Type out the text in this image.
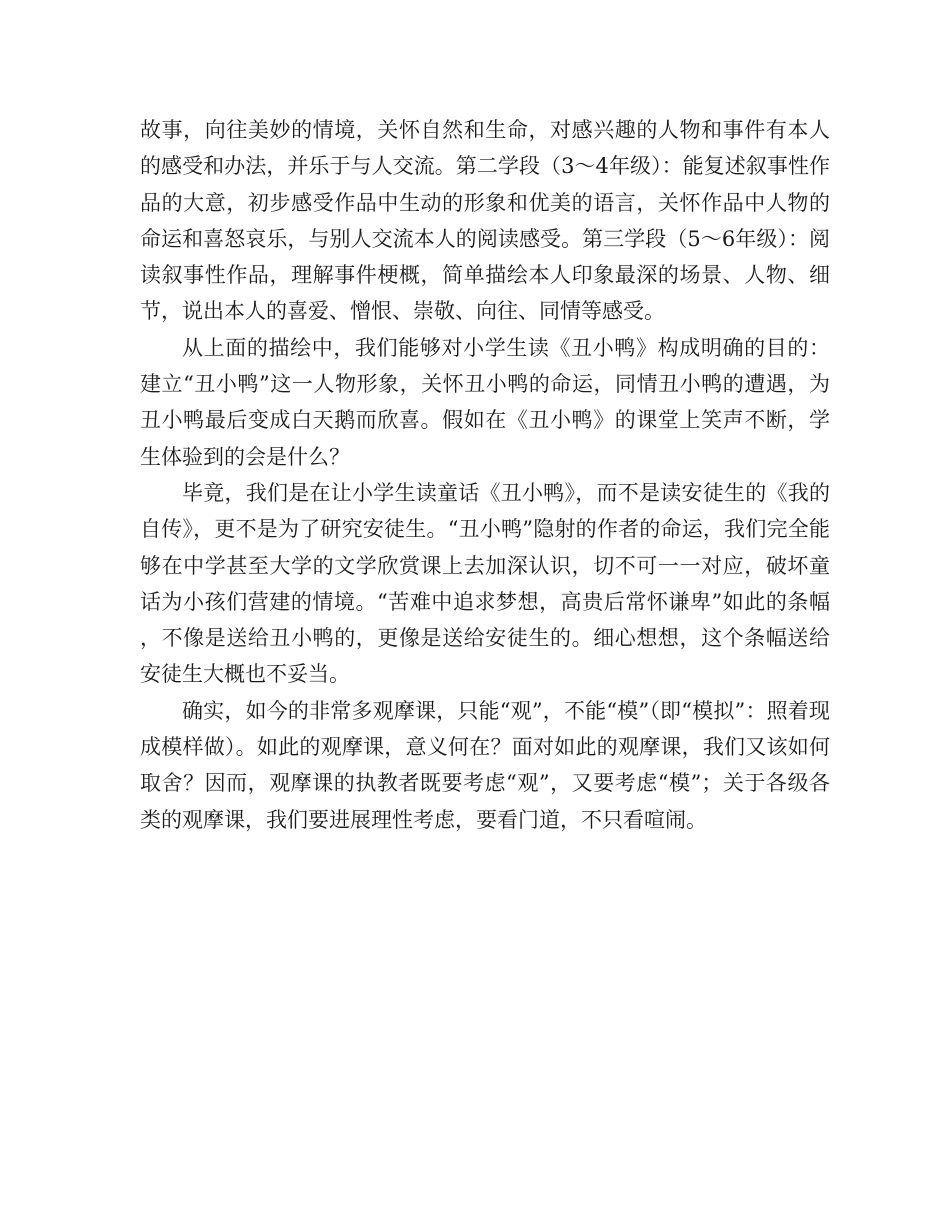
故事，向往美妙的情境，关怀自然和生命，对感兴趣的人物和事件有本人的感受和办法，并乐于与人交流。第二学段（3～4年级）：能复述叙事性作品的大意，初步感受作品中生动的形象和优美的语言，关怀作品中人物的命运和喜怒哀乐，与别人交流本人的阅读感受。第三学段（5～6年级）：阅读叙事性作品，理解事件梗概，简单描绘本人印象最深的场景、人物、细节，说出本人的喜爱、憎恨、崇敬、向往、同情等感受。

从上面的描绘中，我们能够对小学生读《丑小鸭》构成明确的目的：建立“丑小鸭”这一人物形象，关怀丑小鸭的命运，同情丑小鸭的遭遇，为丑小鸭最后变成白天鹅而欣喜。假如在《丑小鸭》的课堂上笑声不断，学生体验到的会是什么？

毕竟，我们是在让小学生读童话《丑小鸭》，而不是读安徒生的《我的自传》，更不是为了研究安徒生。“丑小鸭”隐射的作者的命运，我们完全能够在中学甚至大学的文学欣赏课上去加深认识，切不可一一对应，破坏童话为小孩们营建的情境。“苦难中追求梦想，高贵后常怀谦卑”如此的条幅，不像是送给丑小鸭的，更像是送给安徒生的。细心想想，这个条幅送给安徒生大概也不妥当。

确实，如今的非常多观摩课，只能“观”，不能“模”（即“模拟”：照着现成模样做）。如此的观摩课，意义何在？面对如此的观摩课，我们又该如何取舍？因而，观摩课的执教者既要考虑“观”，又要考虑“模”；关于各级各类的观摩课，我们要进展理性考虑，要看门道，不只看喧闹。
